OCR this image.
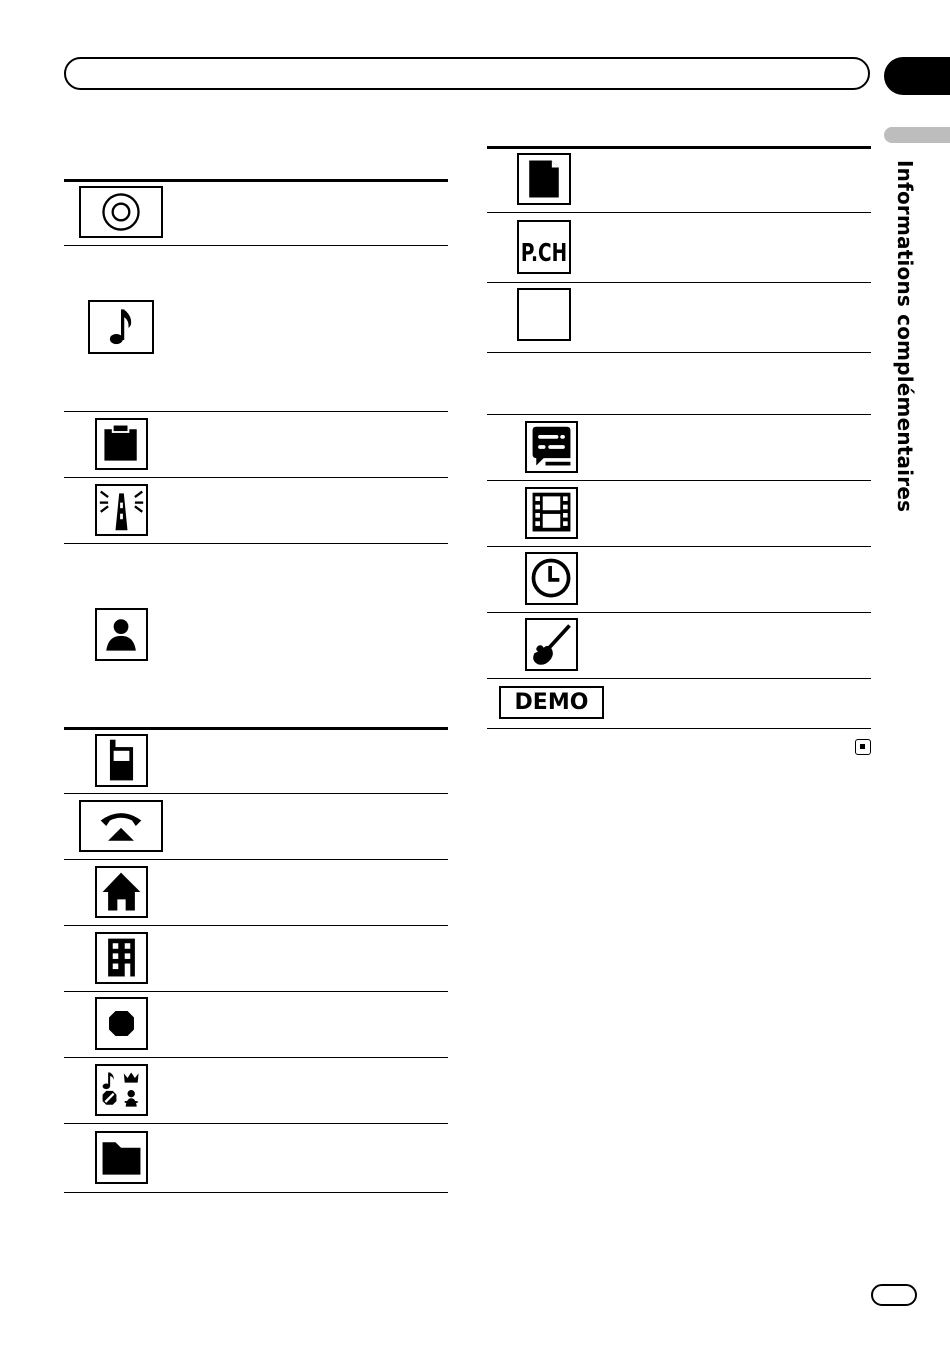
Informations complémentaires
P.CH
DEMO
